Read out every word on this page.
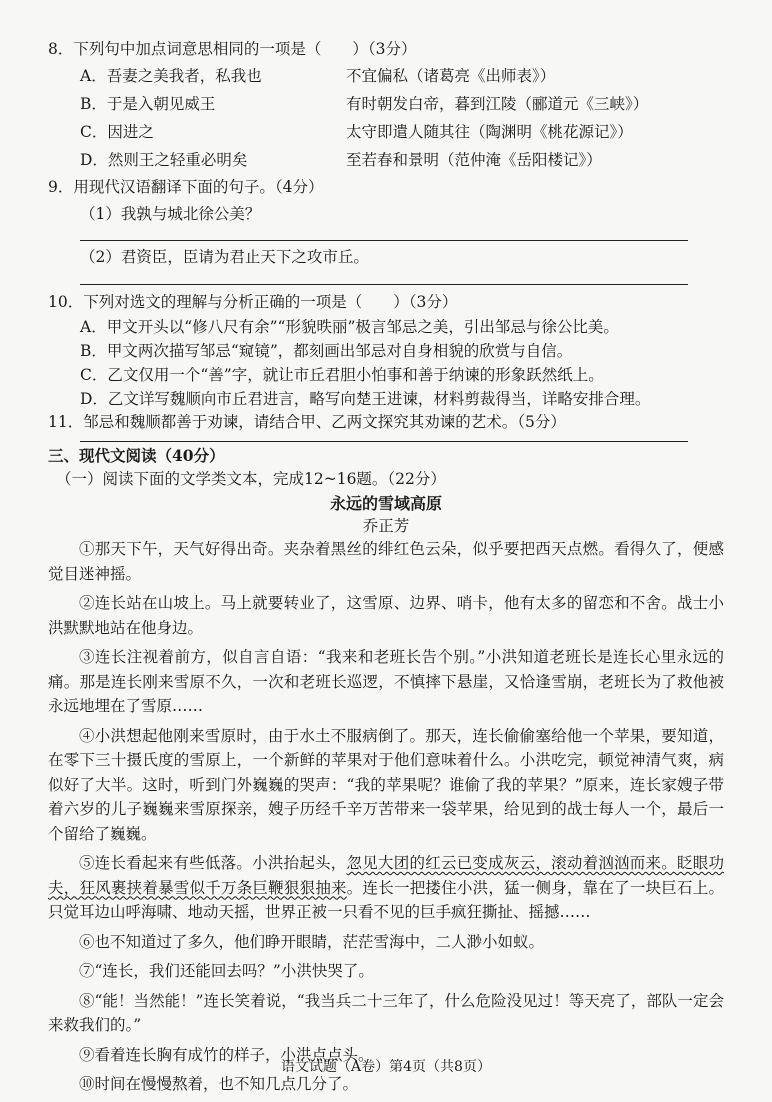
8．下列句中加点词意思相同的一项是（　　）（3分）
A．吾妻之美我者，私我也	不宜偏私（诸葛亮《出师表》）
B．于是入朝见威王	有时朝发白帝，暮到江陵（郦道元《三峡》）
C．因进之	太守即遣人随其往（陶渊明《桃花源记》）
D．然则王之轻重必明矣	至若春和景明（范仲淹《岳阳楼记》）
9．用现代汉语翻译下面的句子。（4分）
（1）我孰与城北徐公美？
（2）君资臣，臣请为君止天下之攻市丘。
10．下列对选文的理解与分析正确的一项是（　　）（3分）
A．甲文开头以“修八尺有余”“形貌昳丽”极言邹忌之美，引出邹忌与徐公比美。
B．甲文两次描写邹忌“窥镜”，都刻画出邹忌对自身相貌的欣赏与自信。
C．乙文仅用一个“善”字，就让市丘君胆小怕事和善于纳谏的形象跃然纸上。
D．乙文详写魏顺向市丘君进言，略写向楚王进谏，材料剪裁得当，详略安排合理。
11．邹忌和魏顺都善于劝谏，请结合甲、乙两文探究其劝谏的艺术。（5分）
三、现代文阅读（40分）
（一）阅读下面的文学类文本，完成12~16题。（22分）
永远的雪域高原
乔正芳

①那天下午，天气好得出奇。夹杂着黑丝的绯红色云朵，似乎要把西天点燃。看得久了，便感觉目迷神摇。

②连长站在山坡上。马上就要转业了，这雪原、边界、哨卡，他有太多的留恋和不舍。战士小洪默默地站在他身边。

③连长注视着前方，似自言自语：“我来和老班长告个别。”小洪知道老班长是连长心里永远的痛。那是连长刚来雪原不久，一次和老班长巡逻，不慎摔下悬崖，又恰逢雪崩，老班长为了救他被永远地埋在了雪原……

④小洪想起他刚来雪原时，由于水土不服病倒了。那天，连长偷偷塞给他一个苹果，要知道，在零下三十摄氏度的雪原上，一个新鲜的苹果对于他们意味着什么。小洪吃完，顿觉神清气爽，病似好了大半。这时，听到门外巍巍的哭声：“我的苹果呢？谁偷了我的苹果？”原来，连长家嫂子带着六岁的儿子巍巍来雪原探亲，嫂子历经千辛万苦带来一袋苹果，给见到的战士每人一个，最后一个留给了巍巍。

⑤连长看起来有些低落。小洪抬起头，忽见大团的红云已变成灰云，滚动着汹汹而来。眨眼功夫，狂风裹挟着暴雪似千万条巨鞭狠狠抽来。连长一把搂住小洪，猛一侧身，靠在了一块巨石上。只觉耳边山呼海啸、地动天摇，世界正被一只看不见的巨手疯狂撕扯、摇撼……

⑥也不知道过了多久，他们睁开眼睛，茫茫雪海中，二人渺小如蚁。

⑦“连长，我们还能回去吗？”小洪快哭了。

⑧“能！当然能！”连长笑着说，“我当兵二十三年了，什么危险没见过！等天亮了，部队一定会来救我们的。”

⑨看着连长胸有成竹的样子，小洪点点头。

⑩时间在慢慢熬着，也不知几点几分了。

语文试题（A卷）第4页（共8页）
